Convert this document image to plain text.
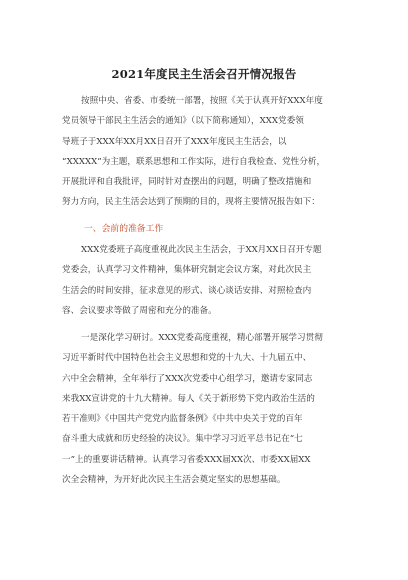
2021年度民主生活会召开情况报告
按照中央、省委、市委统一部署，按照《关于认真开好XXX年度
党员领导干部民主生活会的通知》（以下简称通知），XXX党委领
导班子于XXX年XX月XX日召开了XXX年度民主生活会，以
“XXXXX”为主题，联系思想和工作实际，进行自我检查、党性分析，
开展批评和自我批评，同时针对查摆出的问题，明确了整改措施和
努力方向，民主生活会达到了预期的目的，现将主要情况报告如下：
一、会前的准备工作
XXX党委班子高度重视此次民主生活会，于XX月XX日召开专题
党委会，认真学习文件精神，集体研究制定会议方案，对此次民主
生活会的时间安排，征求意见的形式、谈心谈话安排、对照检查内
容、会议要求等做了周密和充分的准备。
一是深化学习研讨。XXX党委高度重视，精心部署开展学习贯彻
习近平新时代中国特色社会主义思想和党的十九大、十九届五中、
六中全会精神，全年举行了XXX次党委中心组学习，邀请专家同志
来我XX宣讲党的十九大精神。每人《关于新形势下党内政治生活的
若干准则》《中国共产党党内监督条例》《中共中央关于党的百年
奋斗重大成就和历史经验的决议》。集中学习习近平总书记在“七
一”上的重要讲话精神。认真学习省委XXX届XX次、市委XX届XX
次全会精神，为开好此次民主生活会奠定坚实的思想基础。
